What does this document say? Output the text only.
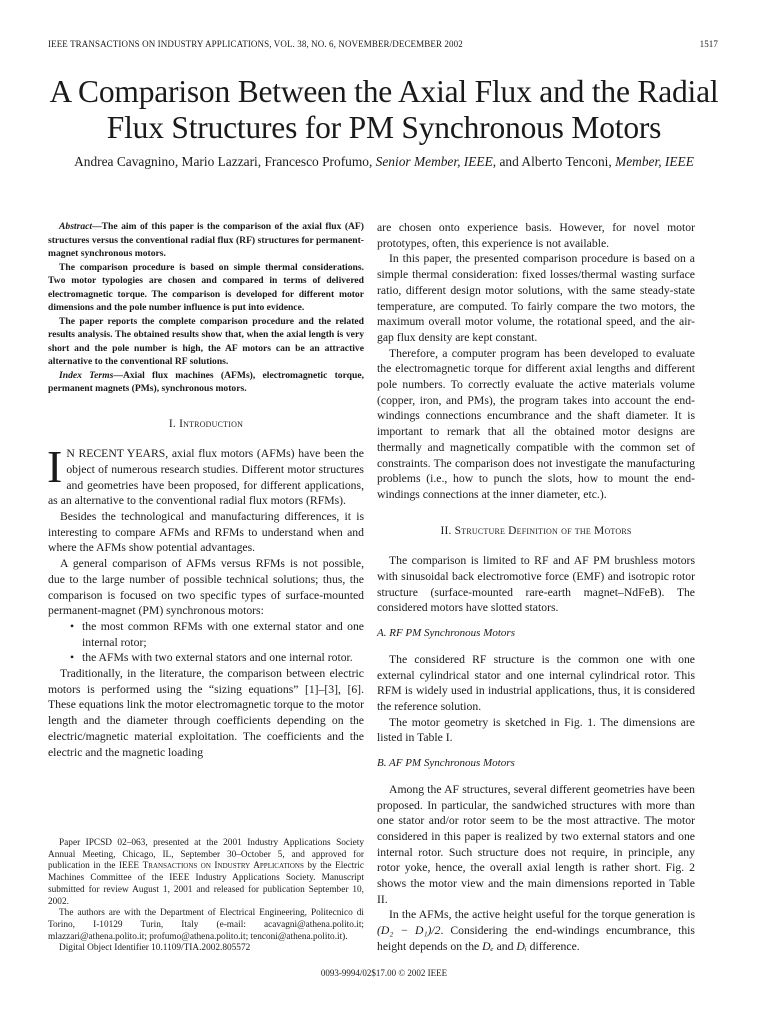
IEEE TRANSACTIONS ON INDUSTRY APPLICATIONS, VOL. 38, NO. 6, NOVEMBER/DECEMBER 2002	1517
A Comparison Between the Axial Flux and the Radial
Flux Structures for PM Synchronous Motors
Andrea Cavagnino, Mario Lazzari, Francesco Profumo, Senior Member, IEEE, and Alberto Tenconi, Member, IEEE

Abstract—The aim of this paper is the comparison of the axial flux (AF) structures versus the conventional radial flux (RF) structures for permanent-magnet synchronous motors.

The comparison procedure is based on simple thermal considerations. Two motor typologies are chosen and compared in terms of delivered electromagnetic torque. The comparison is developed for different motor dimensions and the pole number influence is put into evidence.

The paper reports the complete comparison procedure and the related results analysis. The obtained results show that, when the axial length is very short and the pole number is high, the AF motors can be an attractive alternative to the conventional RF solutions.

Index Terms—Axial flux machines (AFMs), electromagnetic torque, permanent magnets (PMs), synchronous motors.

I. Introduction

I N RECENT YEARS, axial flux motors (AFMs) have been the object of numerous research studies. Different motor structures and geometries have been proposed, for different applications, as an alternative to the conventional radial flux motors (RFMs).

Besides the technological and manufacturing differences, it is interesting to compare AFMs and RFMs to understand when and where the AFMs show potential advantages.

A general comparison of AFMs versus RFMs is not possible, due to the large number of possible technical solutions; thus, the comparison is focused on two specific types of surface-mounted permanent-magnet (PM) synchronous motors:

• the most common RFMs with one external stator and one internal rotor;
• the AFMs with two external stators and one internal rotor.

Traditionally, in the literature, the comparison between electric motors is performed using the “sizing equations” [1]–[3], [6]. These equations link the motor electromagnetic torque to the motor length and the diameter through coefficients depending on the electric/magnetic material exploitation. The coefficients and the electric and the magnetic loading

Paper IPCSD 02–063, presented at the 2001 Industry Applications Society Annual Meeting, Chicago, IL, September 30–October 5, and approved for publication in the IEEE Transactions on Industry Applications by the Electric Machines Committee of the IEEE Industry Applications Society. Manuscript submitted for review August 1, 2001 and released for publication September 10, 2002.

The authors are with the Department of Electrical Engineering, Politecnico di Torino, I-10129 Turin, Italy (e-mail: acavagni@athena.polito.it; mlazzari@athena.polito.it; profumo@athena.polito.it; tenconi@athena.polito.it).

Digital Object Identifier 10.1109/TIA.2002.805572

are chosen onto experience basis. However, for novel motor prototypes, often, this experience is not available.

In this paper, the presented comparison procedure is based on a simple thermal consideration: fixed losses/thermal wasting surface ratio, different design motor solutions, with the same steady-state temperature, are computed. To fairly compare the two motors, the maximum overall motor volume, the rotational speed, and the air-gap flux density are kept constant.

Therefore, a computer program has been developed to evaluate the electromagnetic torque for different axial lengths and different pole numbers. To correctly evaluate the active materials volume (copper, iron, and PMs), the program takes into account the end-windings connections encumbrance and the shaft diameter. It is important to remark that all the obtained motor designs are thermally and magnetically compatible with the common set of constraints. The comparison does not investigate the manufacturing problems (i.e., how to punch the slots, how to mount the end-windings connections at the inner diameter, etc.).

II. Structure Definition of the Motors

The comparison is limited to RF and AF PM brushless motors with sinusoidal back electromotive force (EMF) and isotropic rotor structure (surface-mounted rare-earth magnet–NdFeB). The considered motors have slotted stators.

A. RF PM Synchronous Motors

The considered RF structure is the common one with one external cylindrical stator and one internal cylindrical rotor. This RFM is widely used in industrial applications, thus, it is considered the reference solution.

The motor geometry is sketched in Fig. 1. The dimensions are listed in Table I.

B. AF PM Synchronous Motors

Among the AF structures, several different geometries have been proposed. In particular, the sandwiched structures with more than one stator and/or rotor seem to be the most attractive. The motor considered in this paper is realized by two external stators and one internal rotor. Such structure does not require, in principle, any rotor yoke, hence, the overall axial length is rather short. Fig. 2 shows the motor view and the main dimensions reported in Table II.

In the AFMs, the active height useful for the torque generation is (D₂ − D₁)/2. Considering the end-windings encumbrance, this height depends on the Dₑ and Dᵢ difference.

0093-9994/02$17.00 © 2002 IEEE
